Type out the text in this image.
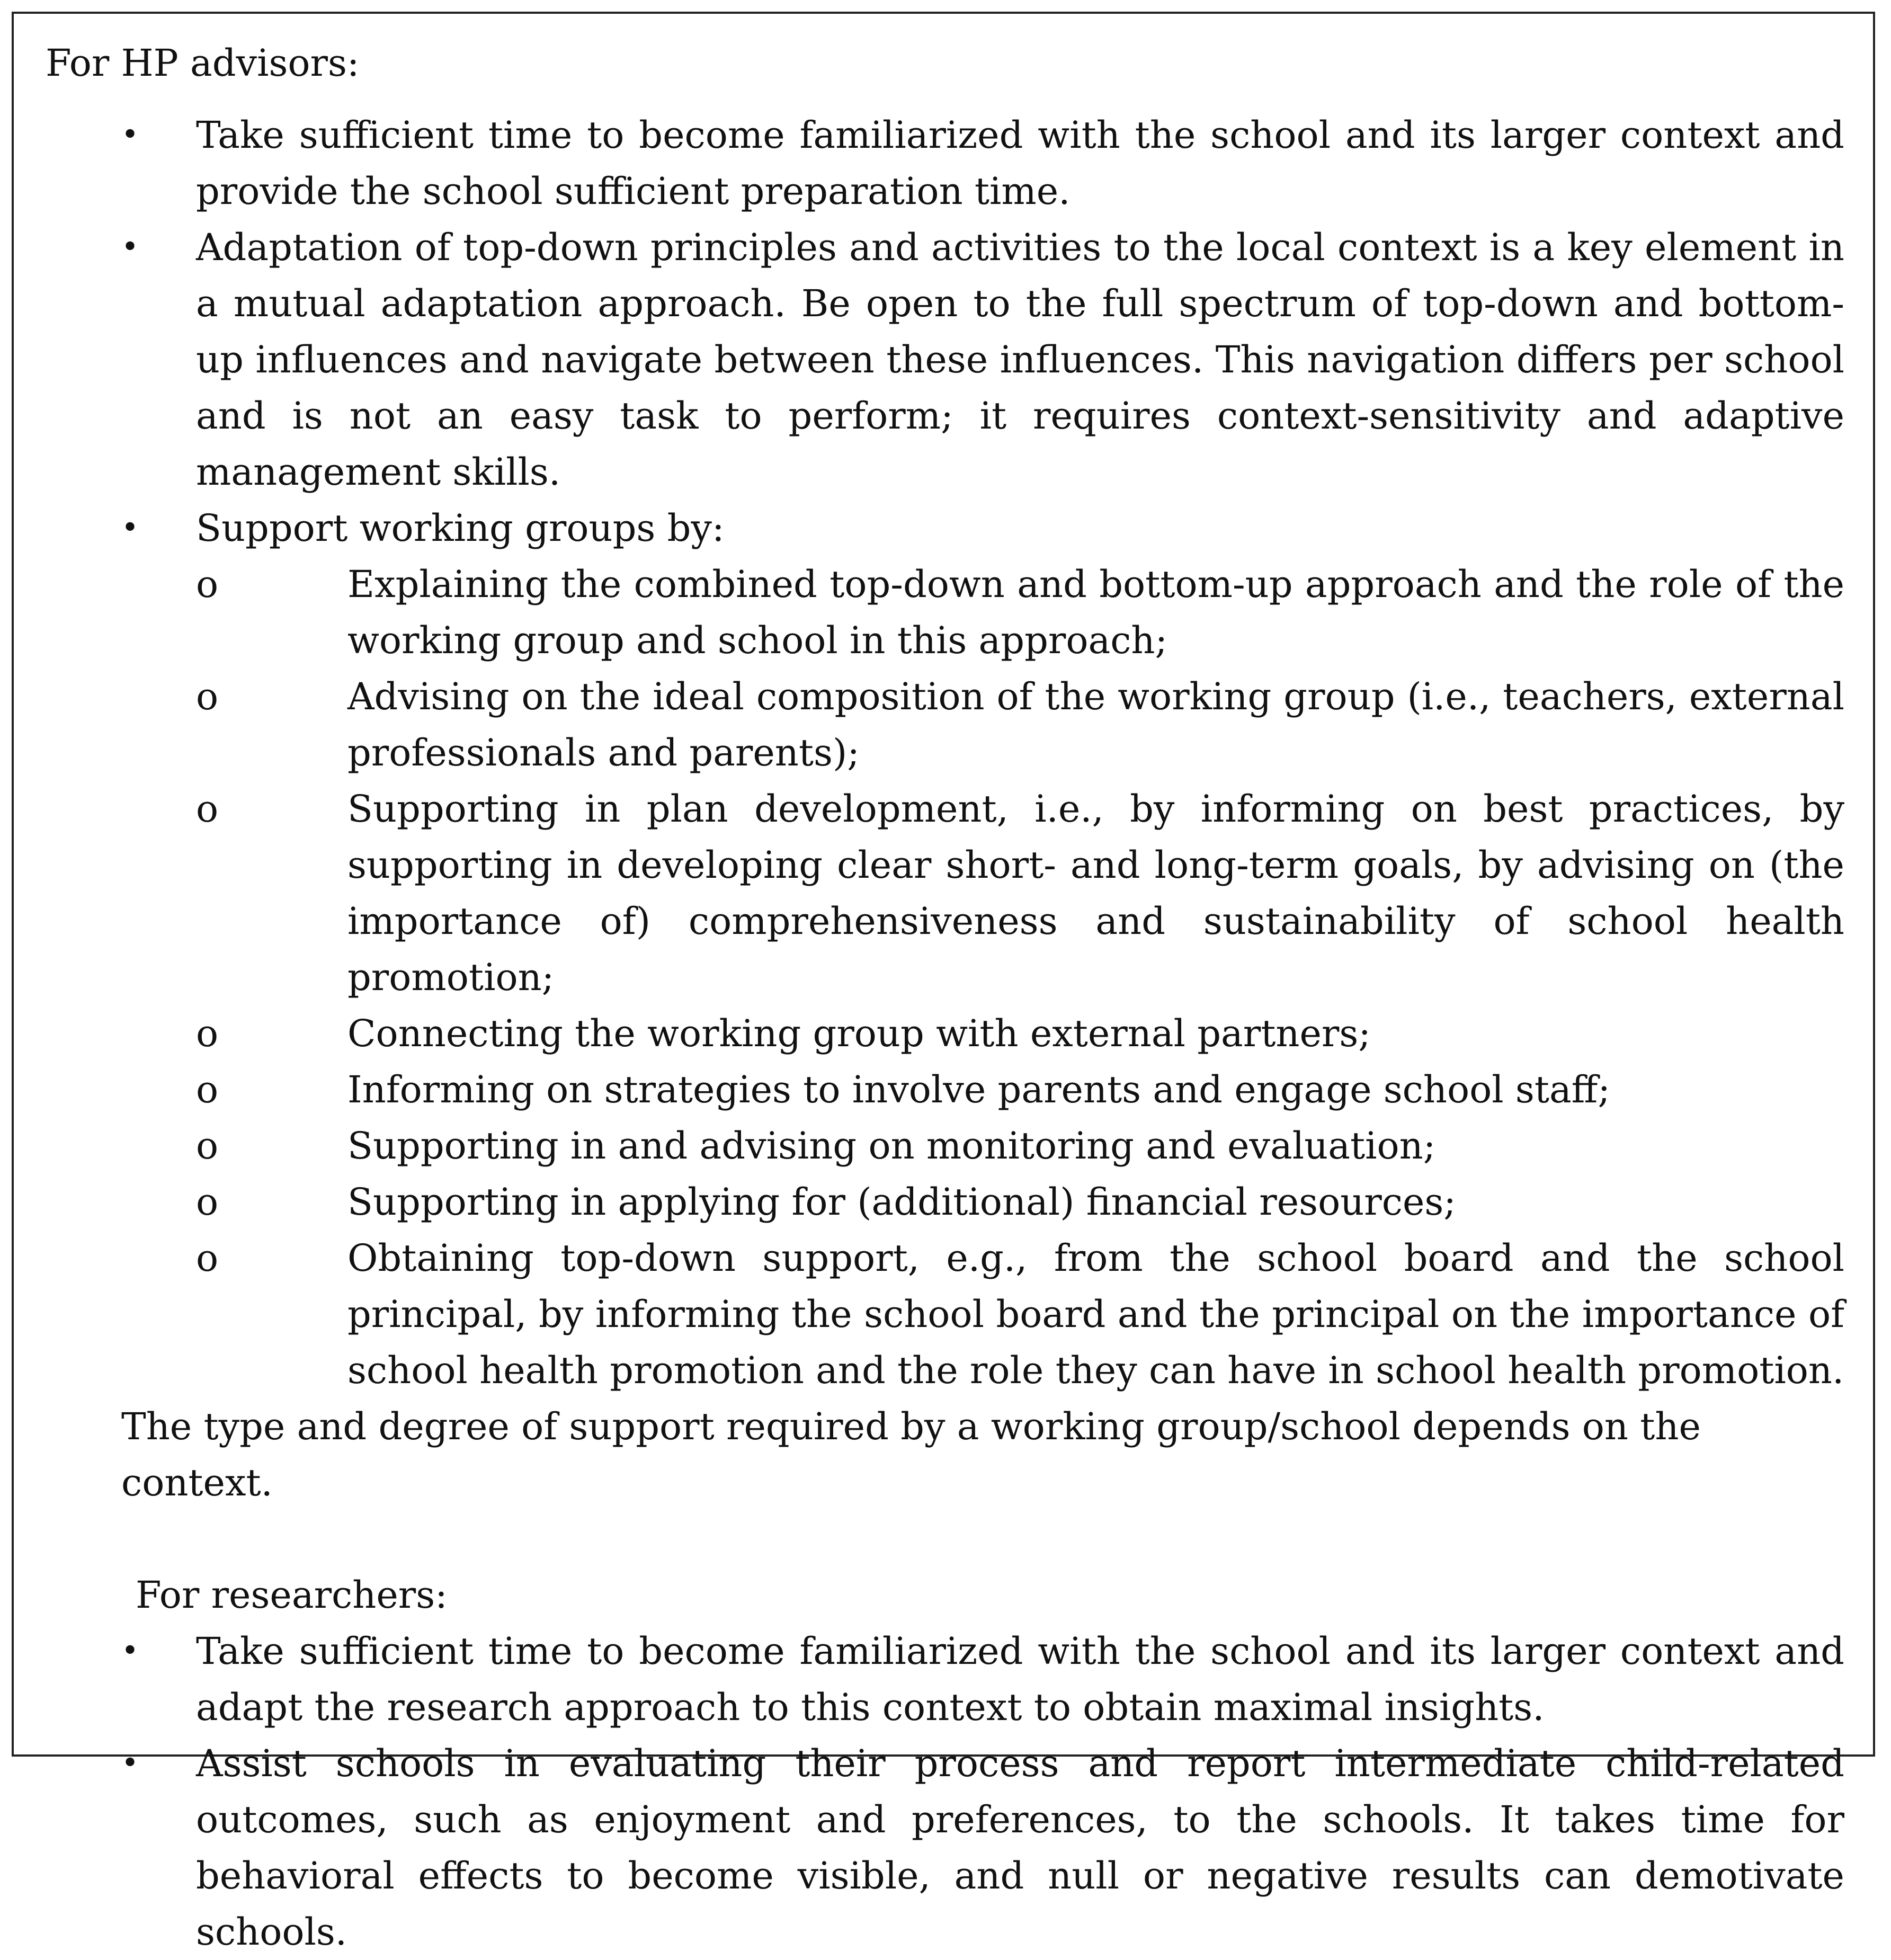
For HP advisors:

• Take sufficient time to become familiarized with the school and its larger context and provide the school sufficient preparation time.
• Adaptation of top-down principles and activities to the local context is a key element in a mutual adaptation approach. Be open to the full spectrum of top-down and bottom-up influences and navigate between these influences. This navigation differs per school and is not an easy task to perform; it requires context-sensitivity and adaptive management skills.
• Support working groups by:
o	Explaining the combined top-down and bottom-up approach and the role of the working group and school in this approach;
o	Advising on the ideal composition of the working group (i.e., teachers, external professionals and parents);
o	Supporting in plan development, i.e., by informing on best practices, by supporting in developing clear short- and long-term goals, by advising on (the importance of) comprehensiveness and sustainability of school health promotion;
o	Connecting the working group with external partners;
o	Informing on strategies to involve parents and engage school staff;
o	Supporting in and advising on monitoring and evaluation;
o	Supporting in applying for (additional) financial resources;
o	Obtaining top-down support, e.g., from the school board and the school principal, by informing the school board and the principal on the importance of school health promotion and the role they can have in school health promotion.

The type and degree of support required by a working group/school depends on the context.

For researchers:

• Take sufficient time to become familiarized with the school and its larger context and adapt the research approach to this context to obtain maximal insights.
• Assist schools in evaluating their process and report intermediate child-related outcomes, such as enjoyment and preferences, to the schools. It takes time for behavioral effects to become visible, and null or negative results can demotivate schools.
